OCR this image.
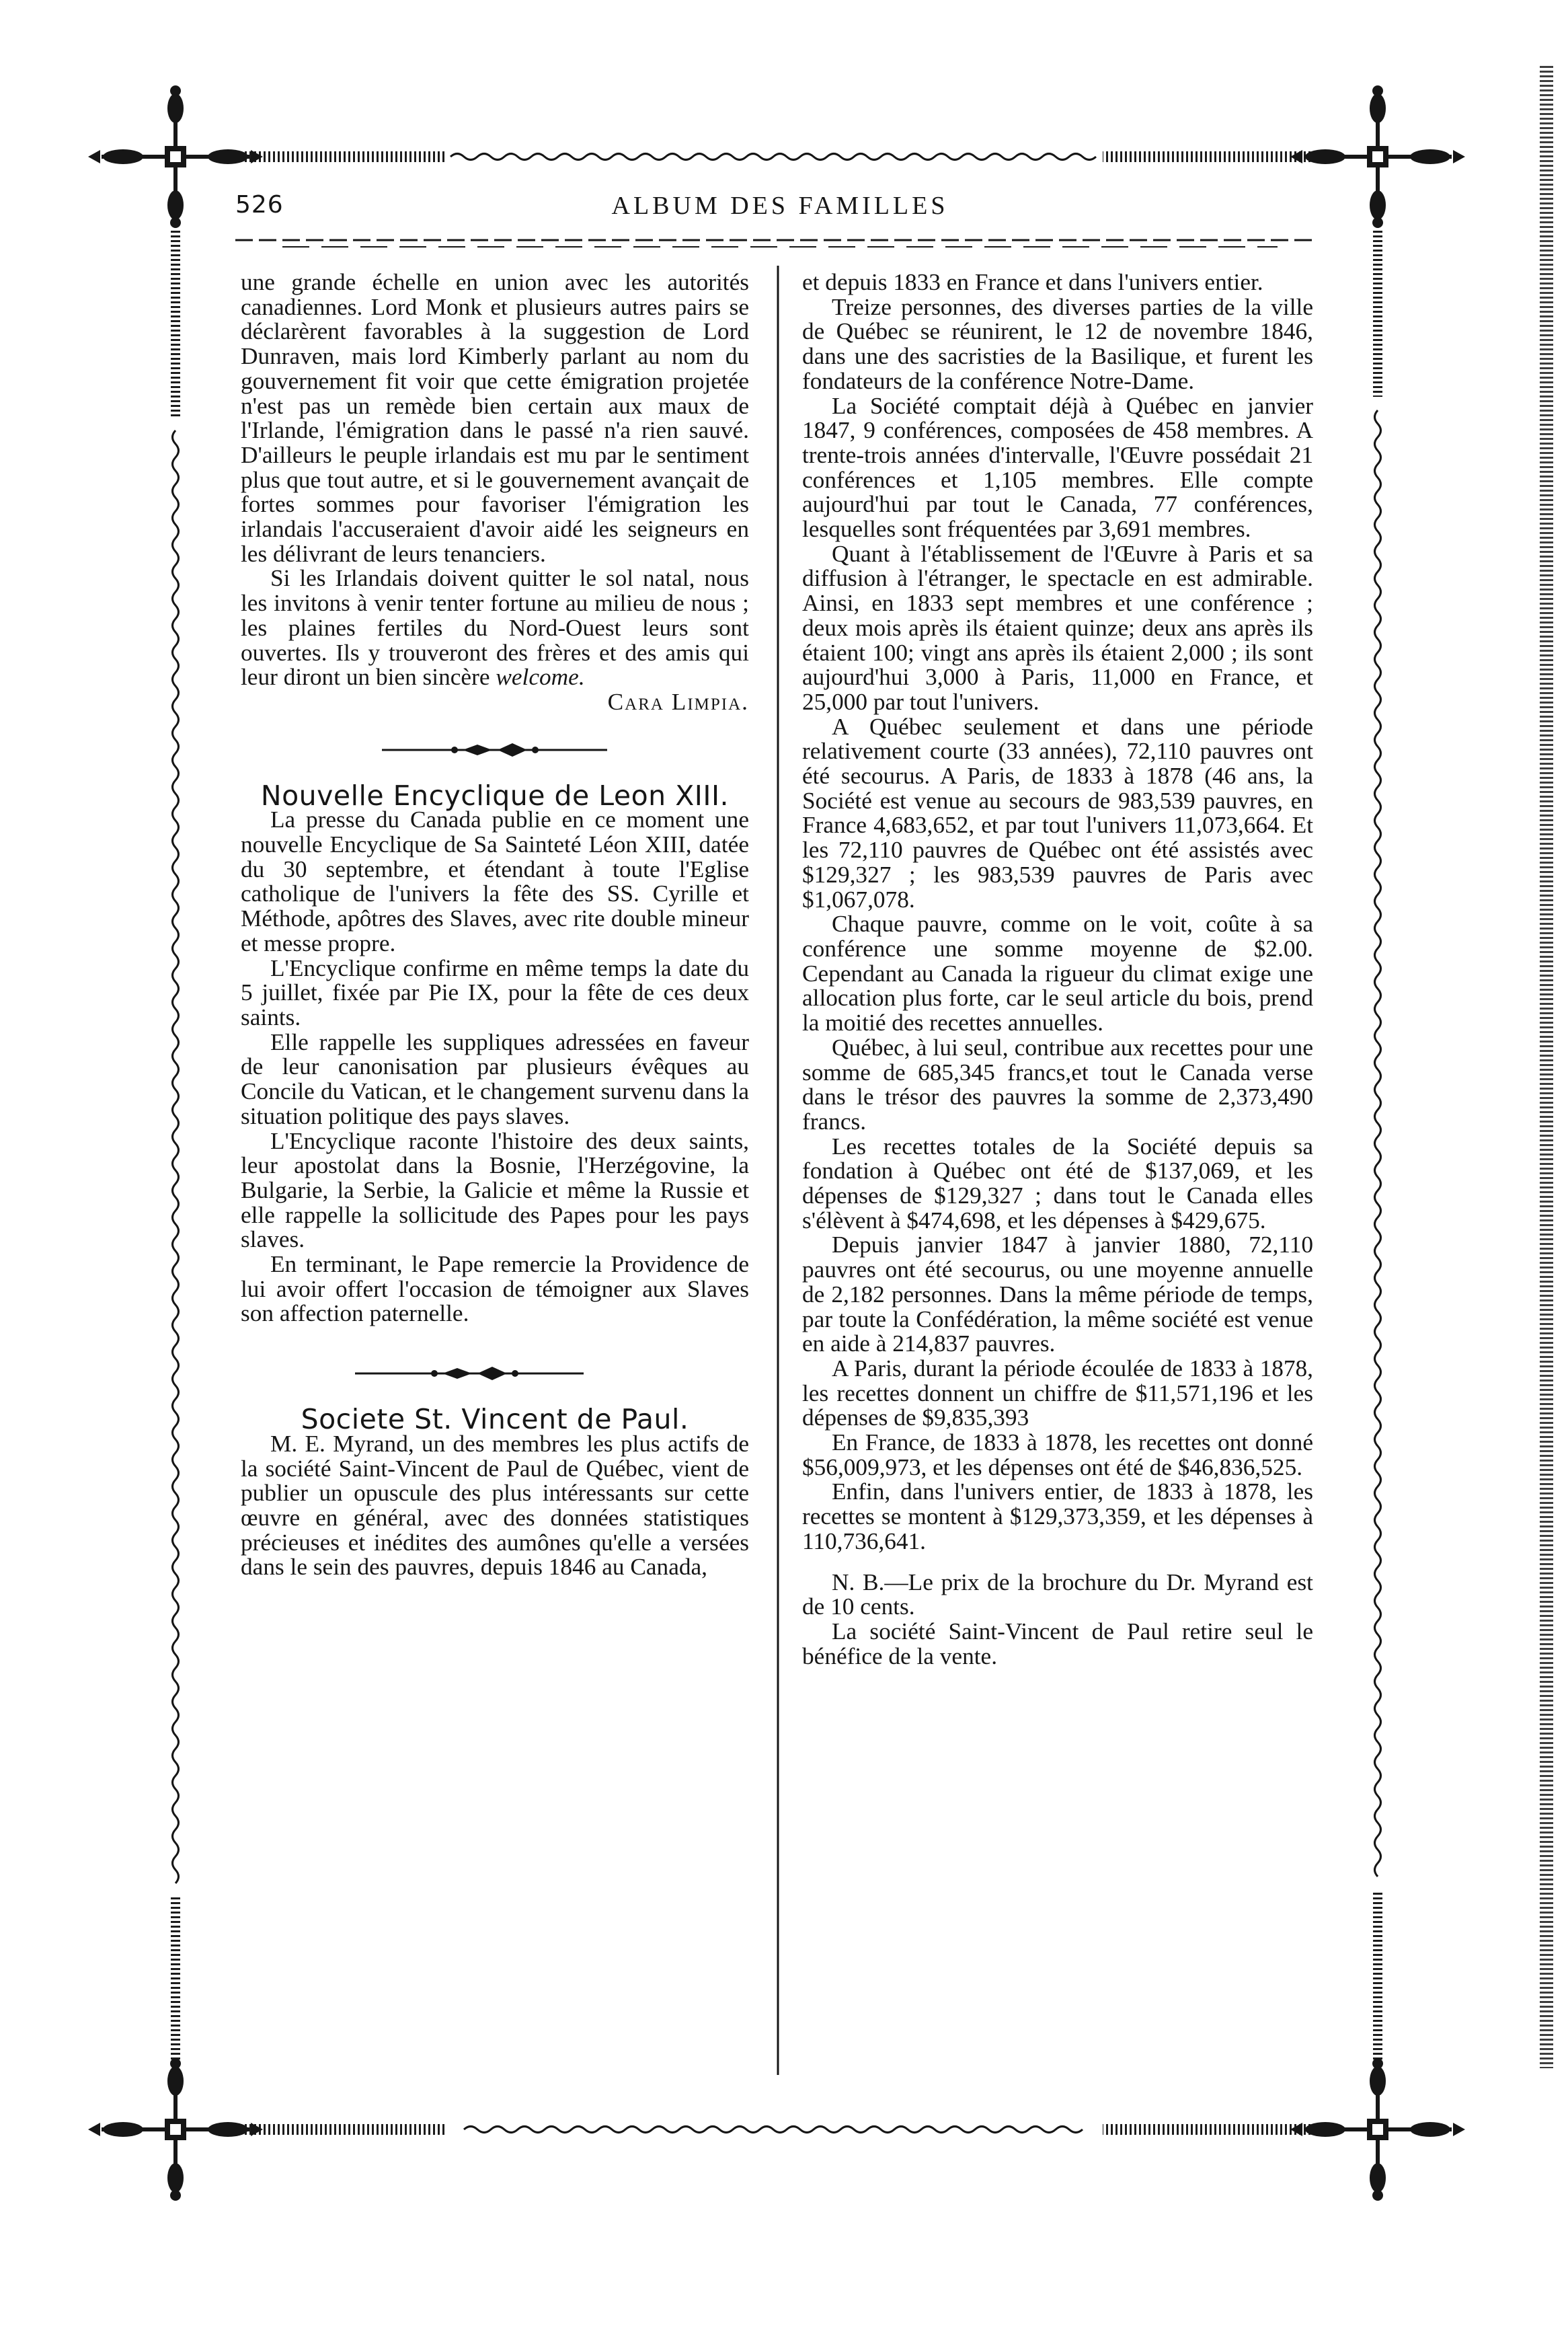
526	ALBUM DES FAMILLES

une grande échelle en union avec les autorités canadiennes. Lord Monk et plusieurs autres pairs se déclarèrent favorables à la suggestion de Lord Dunraven, mais lord Kimberly parlant au nom du gouvernement fit voir que cette émigration projetée n'est pas un remède bien certain aux maux de l'Irlande, l'émigration dans le passé n'a rien sauvé. D'ailleurs le peuple irlandais est mu par le sentiment plus que tout autre, et si le gouvernement avançait de fortes sommes pour favoriser l'émigration les irlandais l'accuseraient d'avoir aidé les seigneurs en les délivrant de leurs tenanciers.

Si les Irlandais doivent quitter le sol natal, nous les invitons à venir tenter fortune au milieu de nous ; les plaines fertiles du Nord-Ouest leurs sont ouvertes. Ils y trouveront des frères et des amis qui leur diront un bien sincère welcome.

Cara Limpia.

Nouvelle Encyclique de Leon XIII.

La presse du Canada publie en ce moment une nouvelle Encyclique de Sa Sainteté Léon XIII, datée du 30 septembre, et étendant à toute l'Eglise catholique de l'univers la fête des SS. Cyrille et Méthode, apôtres des Slaves, avec rite double mineur et messe propre.

L'Encyclique confirme en même temps la date du 5 juillet, fixée par Pie IX, pour la fête de ces deux saints.

Elle rappelle les suppliques adressées en faveur de leur canonisation par plusieurs évêques au Concile du Vatican, et le changement survenu dans la situation politique des pays slaves.

L'Encyclique raconte l'histoire des deux saints, leur apostolat dans la Bosnie, l'Herzégovine, la Bulgarie, la Serbie, la Galicie et même la Russie et elle rappelle la sollicitude des Papes pour les pays slaves.

En terminant, le Pape remercie la Providence de lui avoir offert l'occasion de témoigner aux Slaves son affection paternelle.

Societe St. Vincent de Paul.

M. E. Myrand, un des membres les plus actifs de la société Saint-Vincent de Paul de Québec, vient de publier un opuscule des plus intéressants sur cette œuvre en général, avec des données statistiques précieuses et inédites des aumônes qu'elle a versées dans le sein des pauvres, depuis 1846 au Canada,

et depuis 1833 en France et dans l'univers entier.

Treize personnes, des diverses parties de la ville de Québec se réunirent, le 12 de novembre 1846, dans une des sacristies de la Basilique, et furent les fondateurs de la conférence Notre-Dame.

La Société comptait déjà à Québec en janvier 1847, 9 conférences, composées de 458 membres. A trente-trois années d'intervalle, l'Œuvre possédait 21 conférences et 1,105 membres. Elle compte aujourd'hui par tout le Canada, 77 conférences, lesquelles sont fréquentées par 3,691 membres.

Quant à l'établissement de l'Œuvre à Paris et sa diffusion à l'étranger, le spectacle en est admirable. Ainsi, en 1833 sept membres et une conférence ; deux mois après ils étaient quinze; deux ans après ils étaient 100; vingt ans après ils étaient 2,000 ; ils sont aujourd'hui 3,000 à Paris, 11,000 en France, et 25,000 par tout l'univers.

A Québec seulement et dans une période relativement courte (33 années), 72,110 pauvres ont été secourus. A Paris, de 1833 à 1878 (46 ans, la Société est venue au secours de 983,539 pauvres, en France 4,683,652, et par tout l'univers 11,073,664. Et les 72,110 pauvres de Québec ont été assistés avec $129,327 ; les 983,539 pauvres de Paris avec $1,067,078.

Chaque pauvre, comme on le voit, coûte à sa conférence une somme moyenne de $2.00. Cependant au Canada la rigueur du climat exige une allocation plus forte, car le seul article du bois, prend la moitié des recettes annuelles.

Québec, à lui seul, contribue aux recettes pour une somme de 685,345 francs,et tout le Canada verse dans le trésor des pauvres la somme de 2,373,490 francs.

Les recettes totales de la Société depuis sa fondation à Québec ont été de $137,069, et les dépenses de $129,327 ; dans tout le Canada elles s'élèvent à $474,698, et les dépenses à $429,675.

Depuis janvier 1847 à janvier 1880, 72,110 pauvres ont été secourus, ou une moyenne annuelle de 2,182 personnes. Dans la même période de temps, par toute la Confédération, la même société est venue en aide à 214,837 pauvres.

A Paris, durant la période écoulée de 1833 à 1878, les recettes donnent un chiffre de $11,571,196 et les dépenses de $9,835,393

En France, de 1833 à 1878, les recettes ont donné $56,009,973, et les dépenses ont été de $46,836,525.

Enfin, dans l'univers entier, de 1833 à 1878, les recettes se montent à $129,373,359, et les dépenses à 110,736,641.

N. B.—Le prix de la brochure du Dr. Myrand est de 10 cents.

La société Saint-Vincent de Paul retire seul le bénéfice de la vente.
